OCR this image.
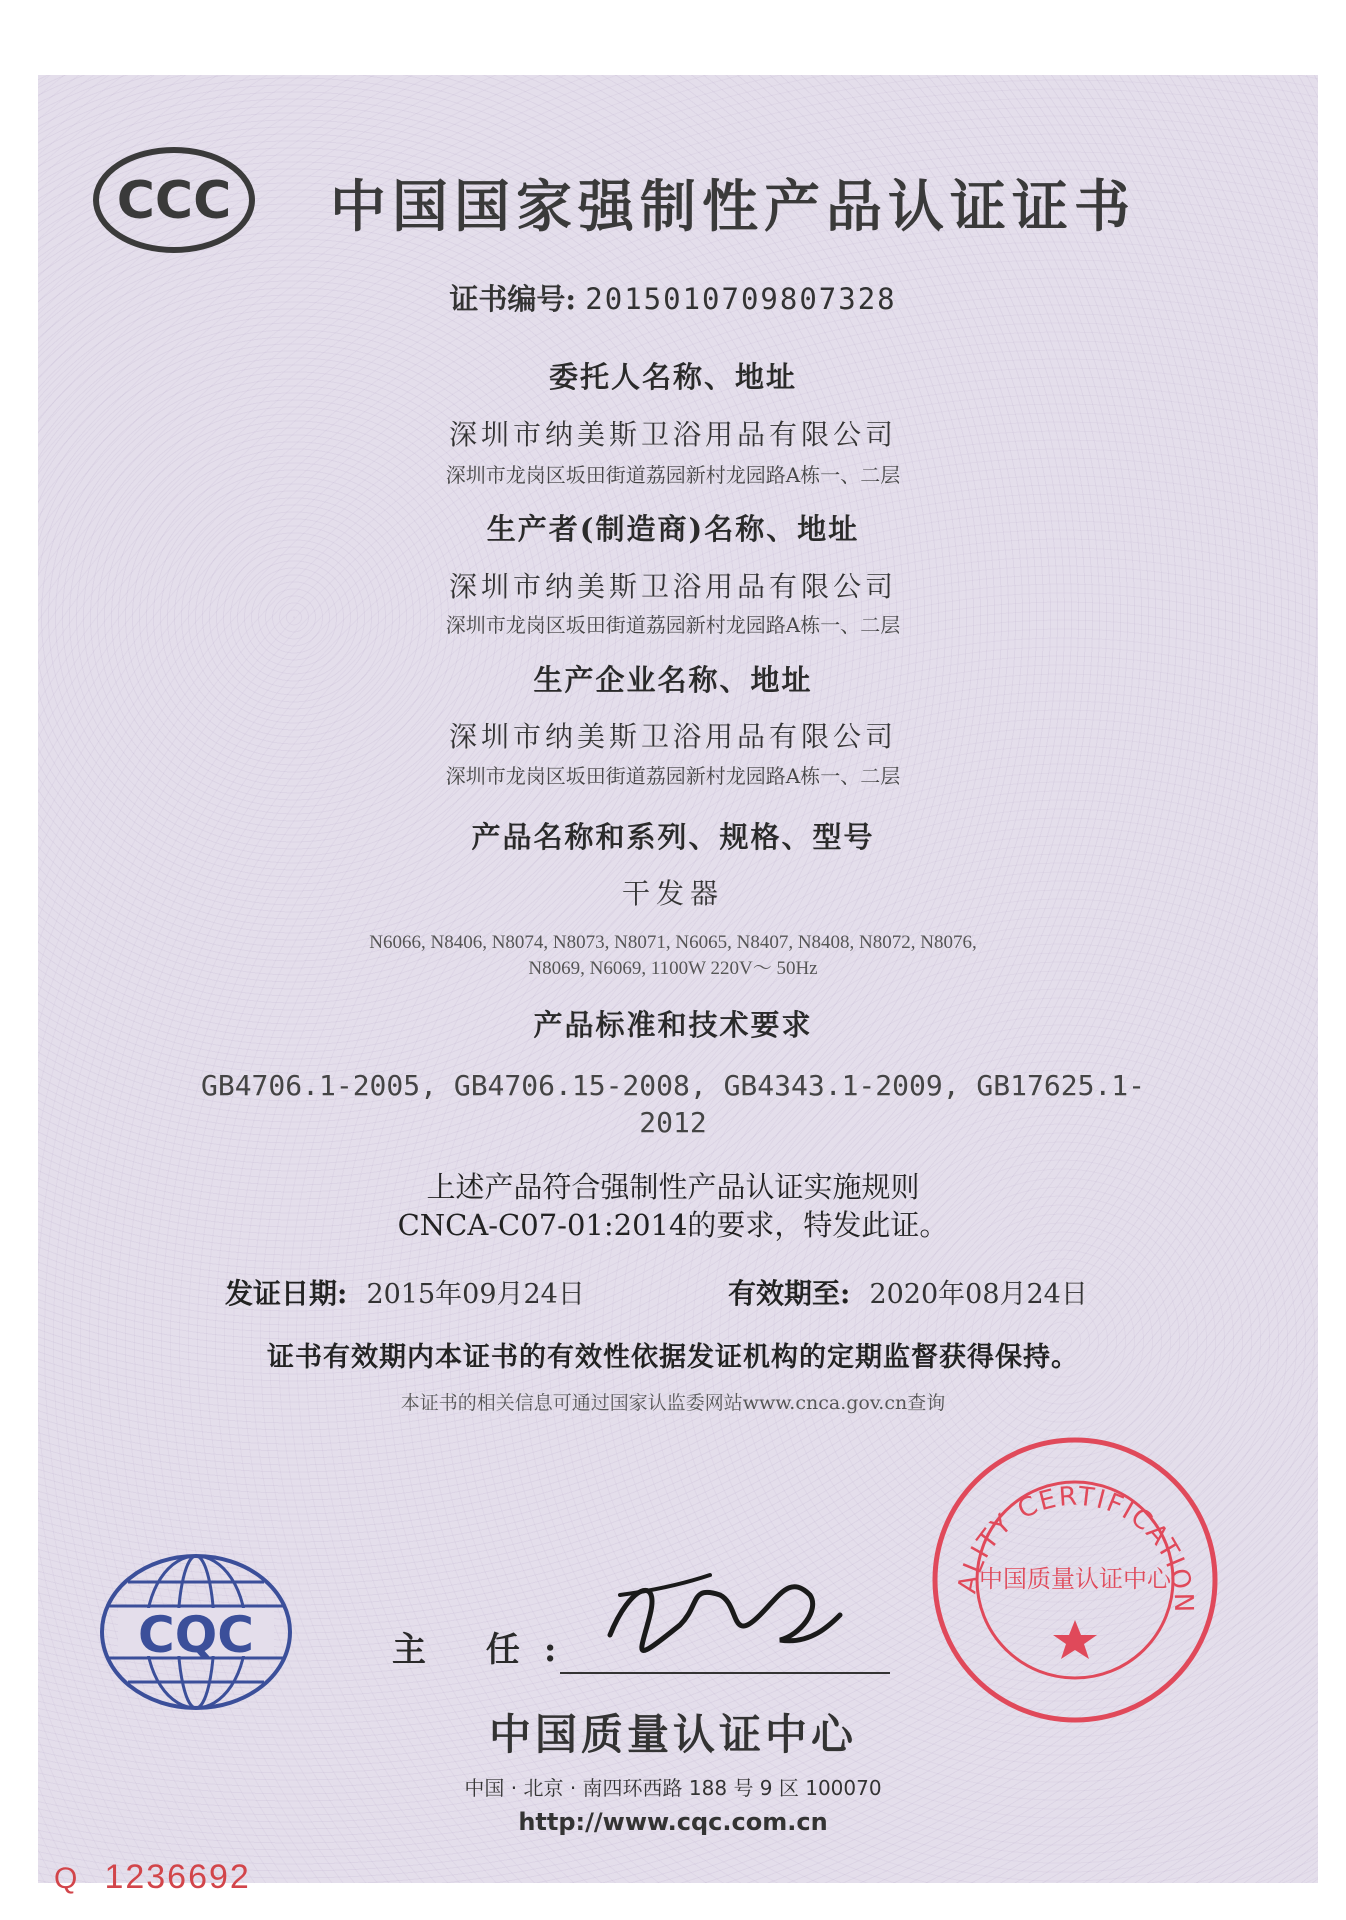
CCC 中国国家强制性产品认证证书
证书编号: 2015010709807328
委托人名称、地址
深圳市纳美斯卫浴用品有限公司
深圳市龙岗区坂田街道荔园新村龙园路A栋一、二层
生产者(制造商)名称、地址
深圳市纳美斯卫浴用品有限公司
深圳市龙岗区坂田街道荔园新村龙园路A栋一、二层
生产企业名称、地址
深圳市纳美斯卫浴用品有限公司
深圳市龙岗区坂田街道荔园新村龙园路A栋一、二层
产品名称和系列、规格、型号
干发器
N6066, N8406, N8074, N8073, N8071, N6065, N8407, N8408, N8072, N8076,
N8069, N6069, 1100W 220V～ 50Hz
产品标准和技术要求
GB4706.1-2005, GB4706.15-2008, GB4343.1-2009, GB17625.1-
2012
上述产品符合强制性产品认证实施规则
CNCA-C07-01:2014的要求，特发此证。
发证日期: 2015年09月24日	有效期至: 2020年08月24日
证书有效期内本证书的有效性依据发证机构的定期监督获得保持。
本证书的相关信息可通过国家认监委网站www.cnca.gov.cn查询
CQC	主 任:
ALITY CERTIFICATION
中国质量认证中心
中国质量认证中心
中国 · 北京 · 南四环西路 188 号 9 区 100070
http://www.cqc.com.cn
Q 1236692
